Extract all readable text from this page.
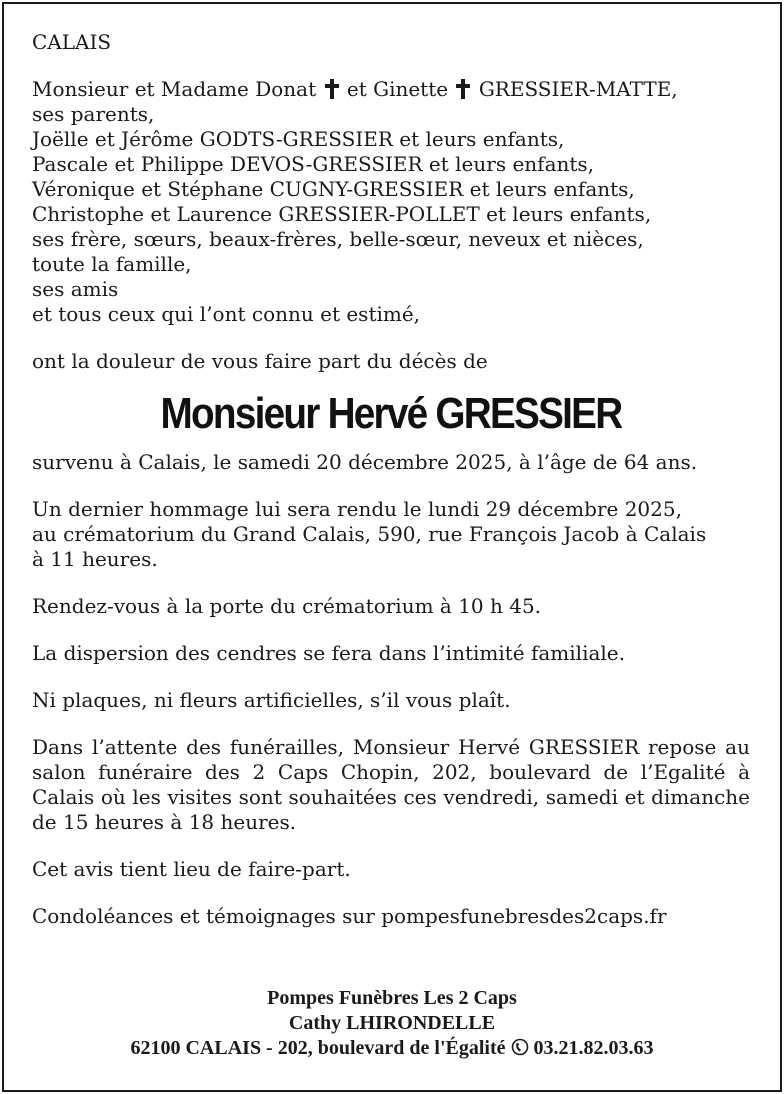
CALAIS
Monsieur et Madame Donat et Ginette GRESSIER-MATTE,
ses parents,
Joëlle et Jérôme GODTS-GRESSIER et leurs enfants,
Pascale et Philippe DEVOS-GRESSIER et leurs enfants,
Véronique et Stéphane CUGNY-GRESSIER et leurs enfants,
Christophe et Laurence GRESSIER-POLLET et leurs enfants,
ses frère, sœurs, beaux-frères, belle-sœur, neveux et nièces,
toute la famille,
ses amis
et tous ceux qui l’ont connu et estimé,
ont la douleur de vous faire part du décès de
Monsieur Hervé GRESSIER
survenu à Calais, le samedi 20 décembre 2025, à l’âge de 64 ans.
Un dernier hommage lui sera rendu le lundi 29 décembre 2025,
au crématorium du Grand Calais, 590, rue François Jacob à Calais
à 11 heures.
Rendez-vous à la porte du crématorium à 10 h 45.
La dispersion des cendres se fera dans l’intimité familiale.
Ni plaques, ni fleurs artificielles, s’il vous plaît.
Dans l’attente des funérailles, Monsieur Hervé GRESSIER repose au salon funéraire des 2 Caps Chopin, 202, boulevard de l’Egalité à Calais où les visites sont souhaitées ces vendredi, samedi et dimanche de 15 heures à 18 heures.
Cet avis tient lieu de faire-part.
Condoléances et témoignages sur pompesfunebresdes2caps.fr
Pompes Funèbres Les 2 Caps
Cathy LHIRONDELLE
62100 CALAIS - 202, boulevard de l'Égalité 03.21.82.03.63
